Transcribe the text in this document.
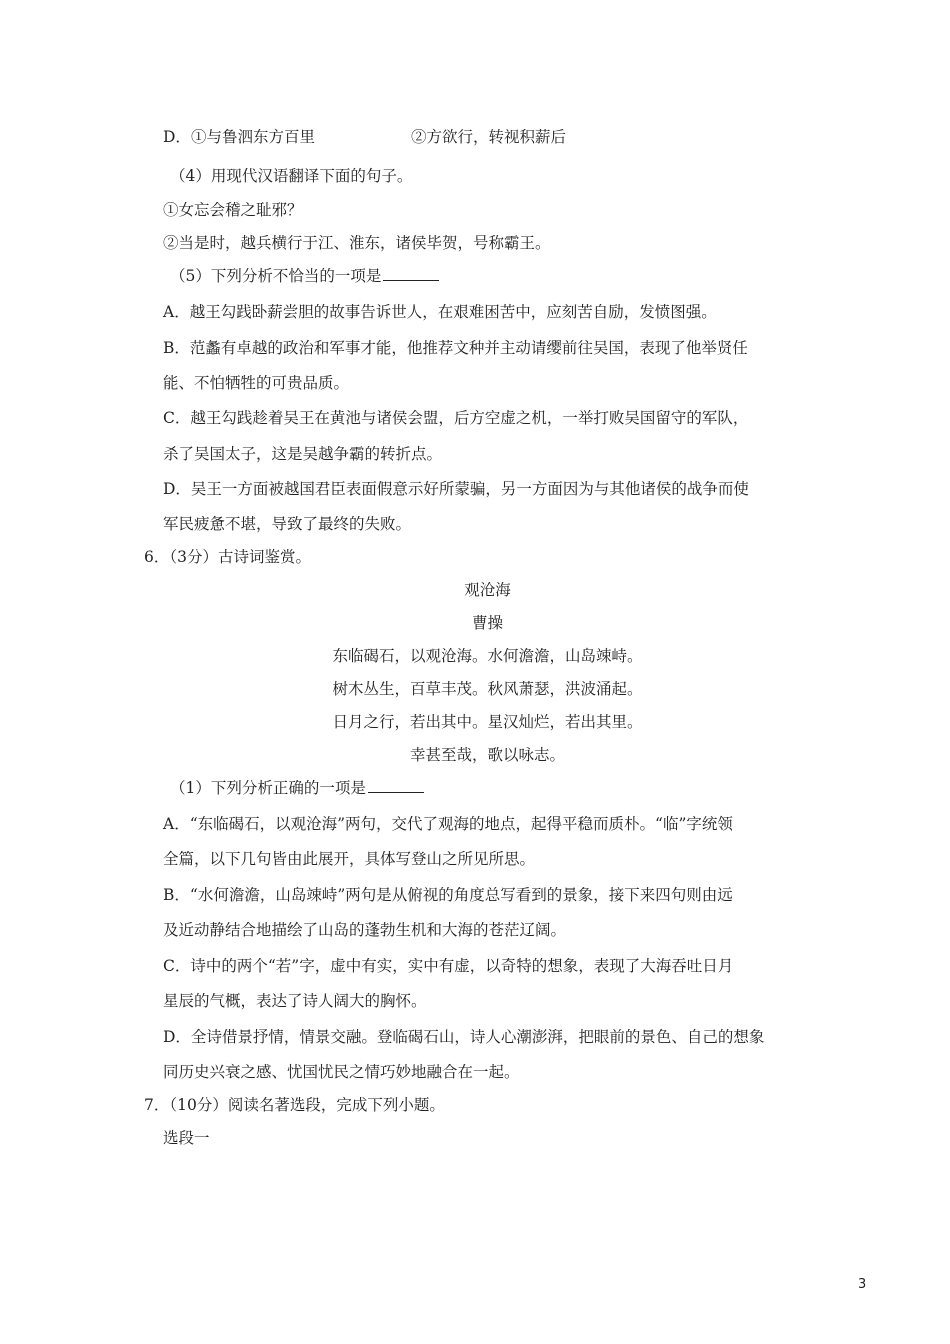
D．①与鲁泗东方百里	②方欲行，转视积薪后
（4）用现代汉语翻译下面的句子。
①女忘会稽之耻邪？
②当是时，越兵横行于江、淮东，诸侯毕贺，号称霸王。
（5）下列分析不恰当的一项是
A．越王勾践卧薪尝胆的故事告诉世人，在艰难困苦中，应刻苦自励，发愤图强。
B．范蠡有卓越的政治和军事才能，他推荐文种并主动请缨前往吴国，表现了他举贤任
能、不怕牺牲的可贵品质。
C．越王勾践趁着吴王在黄池与诸侯会盟，后方空虚之机，一举打败吴国留守的军队，
杀了吴国太子，这是吴越争霸的转折点。
D．吴王一方面被越国君臣表面假意示好所蒙骗，另一方面因为与其他诸侯的战争而使
军民疲惫不堪，导致了最终的失败。
6．（3分）古诗词鉴赏。
观沧海
曹操
东临碣石，以观沧海。水何澹澹，山岛竦峙。
树木丛生，百草丰茂。秋风萧瑟，洪波涌起。
日月之行，若出其中。星汉灿烂，若出其里。
幸甚至哉，歌以咏志。
（1）下列分析正确的一项是
A．“东临碣石，以观沧海”两句，交代了观海的地点，起得平稳而质朴。“临”字统领
全篇，以下几句皆由此展开，具体写登山之所见所思。
B．“水何澹澹，山岛竦峙”两句是从俯视的角度总写看到的景象，接下来四句则由远
及近动静结合地描绘了山岛的蓬勃生机和大海的苍茫辽阔。
C．诗中的两个“若”字，虚中有实，实中有虚，以奇特的想象，表现了大海吞吐日月
星辰的气概，表达了诗人阔大的胸怀。
D．全诗借景抒情，情景交融。登临碣石山，诗人心潮澎湃，把眼前的景色、自己的想象
同历史兴衰之感、忧国忧民之情巧妙地融合在一起。
7．（10分）阅读名著选段，完成下列小题。
选段一
3
